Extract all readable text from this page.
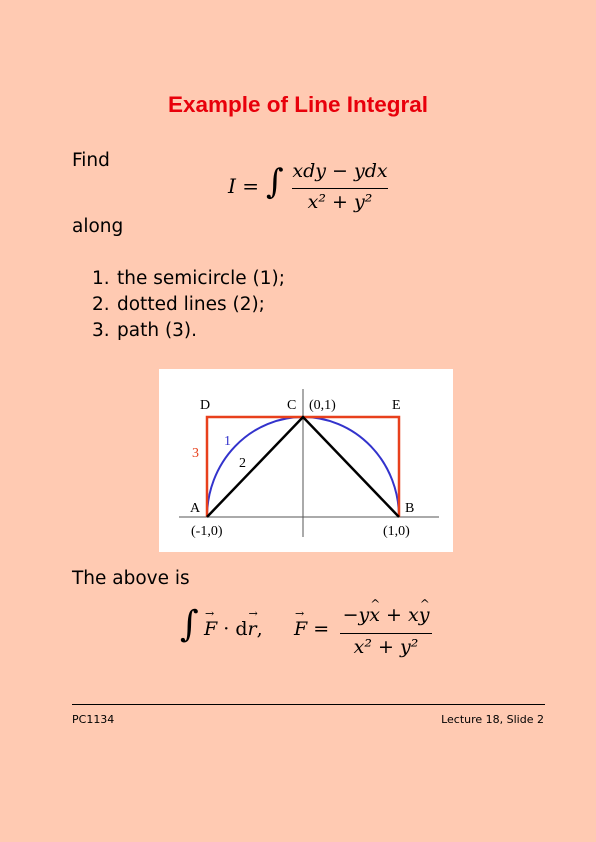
Example of Line Integral
Find
I = ∫ xdy − ydx
x² + y²
along
1. the semicircle (1);
2. dotted lines (2);
3. path (3).
D	C (0,1)	E
1
3
2
A	B
(-1,0)	(1,0)
The above is
∫ → F · d→ r, → F =
−y^ x + x^ y
x² + y²
PC1134	Lecture 18, Slide 2
